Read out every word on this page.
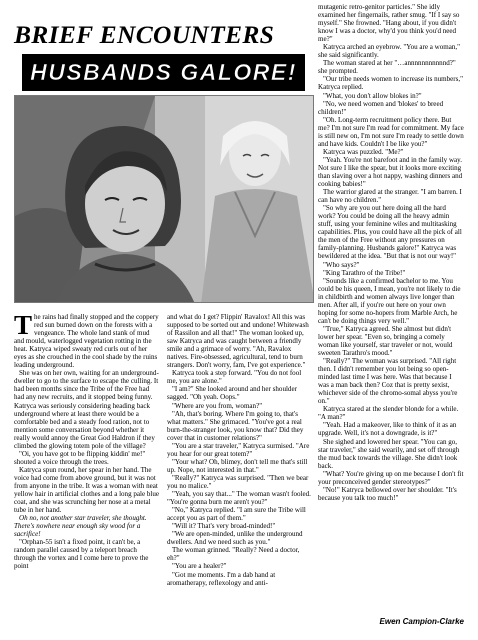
BRIEF ENCOUNTERS
HUSBANDS GALORE!

The rains had finally stopped and the coppery red sun burned down on the forests with a vengeance. The whole land stank of mud and mould, waterlogged vegetation rotting in the heat. Katryca wiped sweaty red curls out of her eyes as she crouched in the cool shade by the ruins leading underground.

She was on her own, waiting for an underground-dweller to go to the surface to escape the culling. It had been months since the Tribe of the Free had had any new recruits, and it stopped being funny. Katryca was seriously considering heading back underground where at least there would be a comfortable bed and a steady food ration, not to mention some conversation beyond whether it really would annoy the Great God Haldron if they climbed the glowing totem pole of the village?

"Oi, you have got to be flipping kiddin' me!" shouted a voice through the trees.

Katryca spun round, her spear in her hand. The voice had come from above ground, but it was not from anyone in the tribe. It was a woman with neat yellow hair in artificial clothes and a long pale blue coat, and she was scrunching her nose at a metal tube in her hand.

Oh no, not another star traveler, she thought. There's nowhere near enough sky wood for a sacrifice!

"Orphan-55 isn't a fixed point, it can't be, a random parallel caused by a teleport breach through the vortex and I come here to prove the point

and what do I get? Flippin' Ravalox! All this was supposed to be sorted out and undone! Whitewash of Rassilon and all that!" The woman looked up, saw Katryca and was caught between a friendly smile and a grimace of worry. "Ah, Ravalox natives. Fire-obsessed, agricultural, tend to burn strangers. Don't worry, fam, I've got experience."

Katryca took a step forward. "You do not fool me, you are alone."

"I am?" She looked around and her shoulder sagged. "Oh yeah. Oops."

"Where are you from, woman?"

"Ah, that's boring. Where I'm going to, that's what matters." She grimaced. "You've got a real burn-the-stranger look, you know that? Did they cover that in customer relations?"

"You are a star traveler," Katryca surmised. "Are you hear for our great totem?"

"Your what? Oh, blimey, don't tell me that's still up. Nope, not interested in that."

"Really?" Katryca was surprised. "Then we bear you no malice."

"Yeah, you say that..." The woman wasn't fooled. "You're gonna burn me aren't you?"

"No," Katryca replied. "I am sure the Tribe will accept you as part of them."

"Will it? That's very broad-minded!"

"We are open-minded, unlike the underground dwellers. And we need such as you."

The woman grinned. "Really? Need a doctor, eh?"

"You are a healer?"

"Got me moments. I'm a dab hand at aromatherapy, reflexology and anti-

mutagenic retro-genitor particles." She idly examined her fingernails, rather smug. "If I say so myself." She frowned. "Hang about, if you didn't know I was a doctor, why'd you think you'd need me?"

Katryca arched an eyebrow. "You are a woman," she said significantly.

The woman stared at her "…annnnnnnnnnnd?" she prompted.

"Our tribe needs women to increase its numbers," Katryca replied.

"What, you don't allow blokes in?"

"No, we need women and 'blokes' to breed children!"

"Oh. Long-term recruitment policy there. But me? I'm not sure I'm read for commitment. My face is still new on, I'm not sure I'm ready to settle down and have kids. Couldn't I be like you?"

Katryca was puzzled. "Me?"

"Yeah. You're not barefoot and in the family way. Not sure I like the spear, but it looks more exciting than slaving over a hot nappy, washing dinners and cooking babies!"

The warrior glared at the stranger. "I am barren. I can have no children."

"So why are you out here doing all the hard work? You could be doing all the heavy admin stuff, using your feminine wiles and multitasking capabilities. Plus, you could have all the pick of all the men of the Free without any pressures on family-planning. Husbands galore!" Katryca was bewildered at the idea. "But that is not our way!"

"Who says?"

"King Tarathro of the Tribe!"

"Sounds like a confirmed bachelor to me. You could be his queen, I mean, you're not likely to die in childbirth and women always live longer than men. After all, if you're out here on your own hoping for some no-hopers from Marble Arch, he can't be doing things very well."

"True," Katryca agreed. She almost but didn't lower her spear. "Even so, bringing a comely woman like yourself, star traveler or not, would sweeten Tarathro's mood."

"Really?" The woman was surprised. "All right then. I didn't remember you lot being so open-minded last time I was here. Was that because I was a man back then? Coz that is pretty sexist, whichever side of the chromo-somal abyss you're on."

Katryca stared at the slender blonde for a while. "A man?"

"Yeah. Had a makeover, like to think of it as an upgrade. Well, it's not a downgrade, is it?"

She sighed and lowered her spear. "You can go, star traveler," she said wearily, and set off through the mud back towards the village. She didn't look back.

"What? You're giving up on me because I don't fit your preconceived gender stereotypes?"

"No!" Katryca bellowed over her shoulder. "It's because you talk too much!"

Ewen Campion-Clarke
